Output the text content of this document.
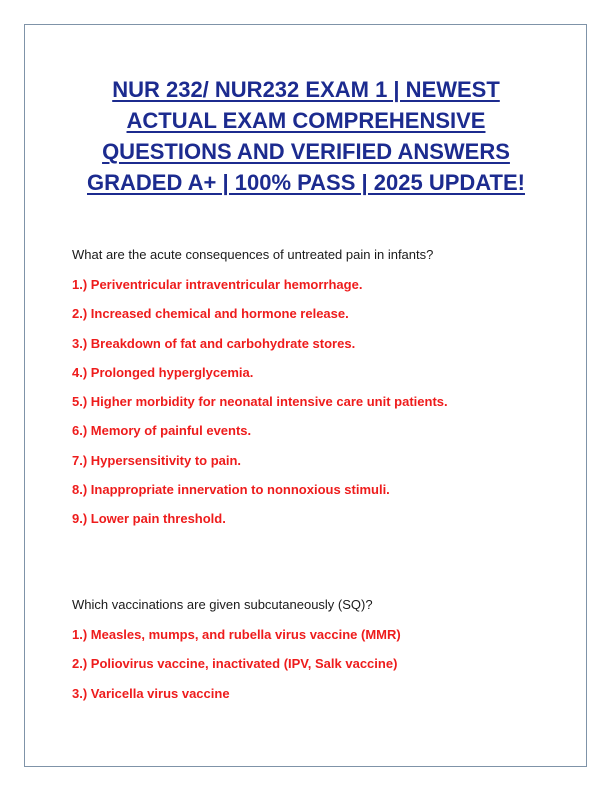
NUR 232/ NUR232 EXAM 1 | NEWEST
ACTUAL EXAM COMPREHENSIVE
QUESTIONS AND VERIFIED ANSWERS
GRADED A+ | 100% PASS | 2025 UPDATE!
What are the acute consequences of untreated pain in infants?
1.) Periventricular intraventricular hemorrhage.
2.) Increased chemical and hormone release.
3.) Breakdown of fat and carbohydrate stores.
4.) Prolonged hyperglycemia.
5.) Higher morbidity for neonatal intensive care unit patients.
6.) Memory of painful events.
7.) Hypersensitivity to pain.
8.) Inappropriate innervation to nonnoxious stimuli.
9.) Lower pain threshold.
Which vaccinations are given subcutaneously (SQ)?
1.) Measles, mumps, and rubella virus vaccine (MMR)
2.) Poliovirus vaccine, inactivated (IPV, Salk vaccine)
3.) Varicella virus vaccine
